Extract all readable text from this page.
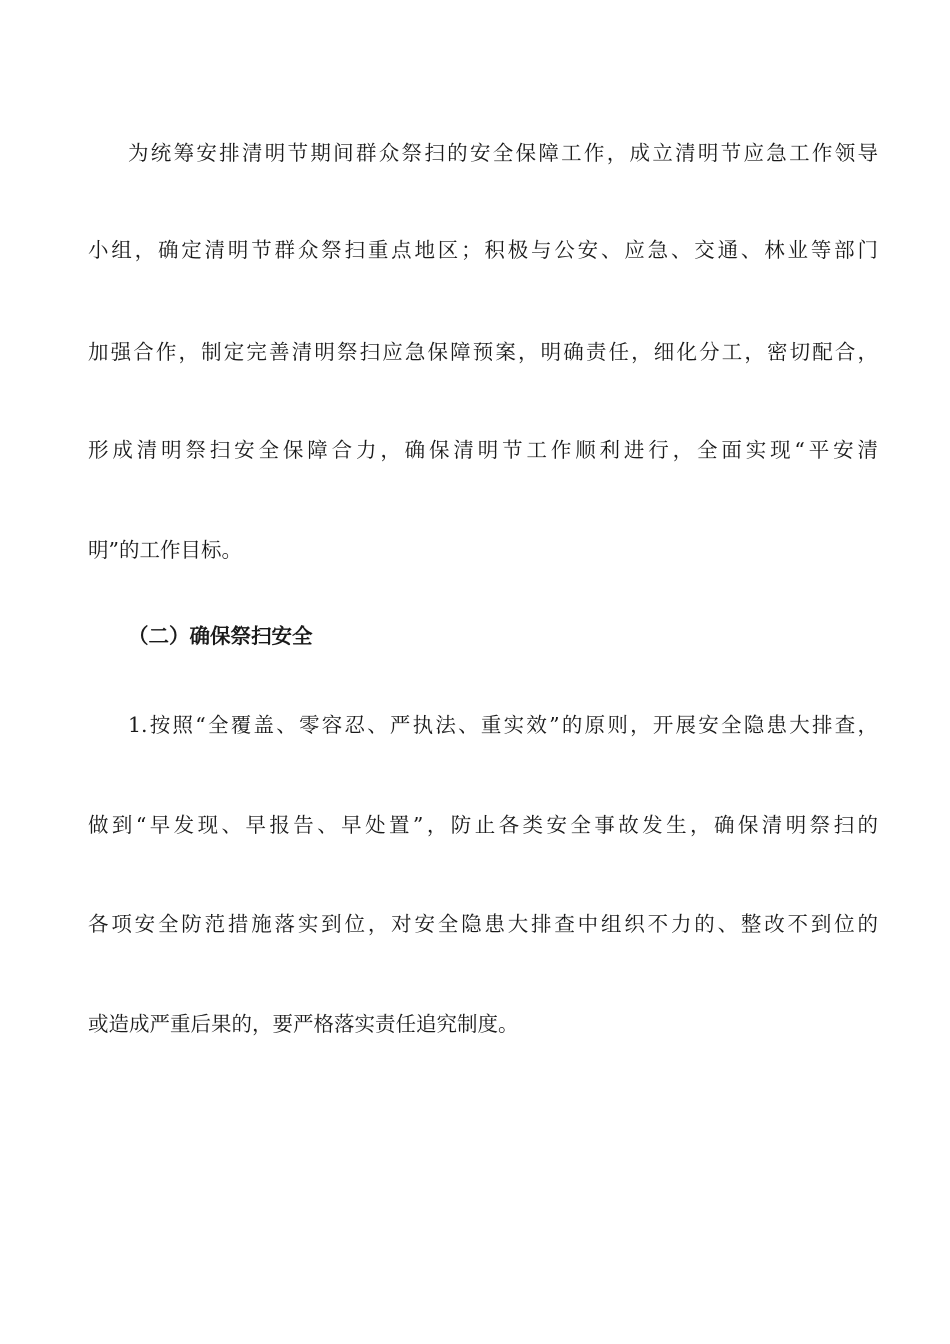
为统筹安排清明节期间群众祭扫的安全保障工作，成立清明节应急工作领导
小组，确定清明节群众祭扫重点地区；积极与公安、应急、交通、林业等部门
加强合作，制定完善清明祭扫应急保障预案，明确责任，细化分工，密切配合，
形成清明祭扫安全保障合力，确保清明节工作顺利进行，全面实现“平安清
明”的工作目标。
（二）确保祭扫安全
1.按照“全覆盖、零容忍、严执法、重实效”的原则，开展安全隐患大排查，
做到“早发现、早报告、早处置”，防止各类安全事故发生，确保清明祭扫的
各项安全防范措施落实到位，对安全隐患大排查中组织不力的、整改不到位的
或造成严重后果的，要严格落实责任追究制度。
